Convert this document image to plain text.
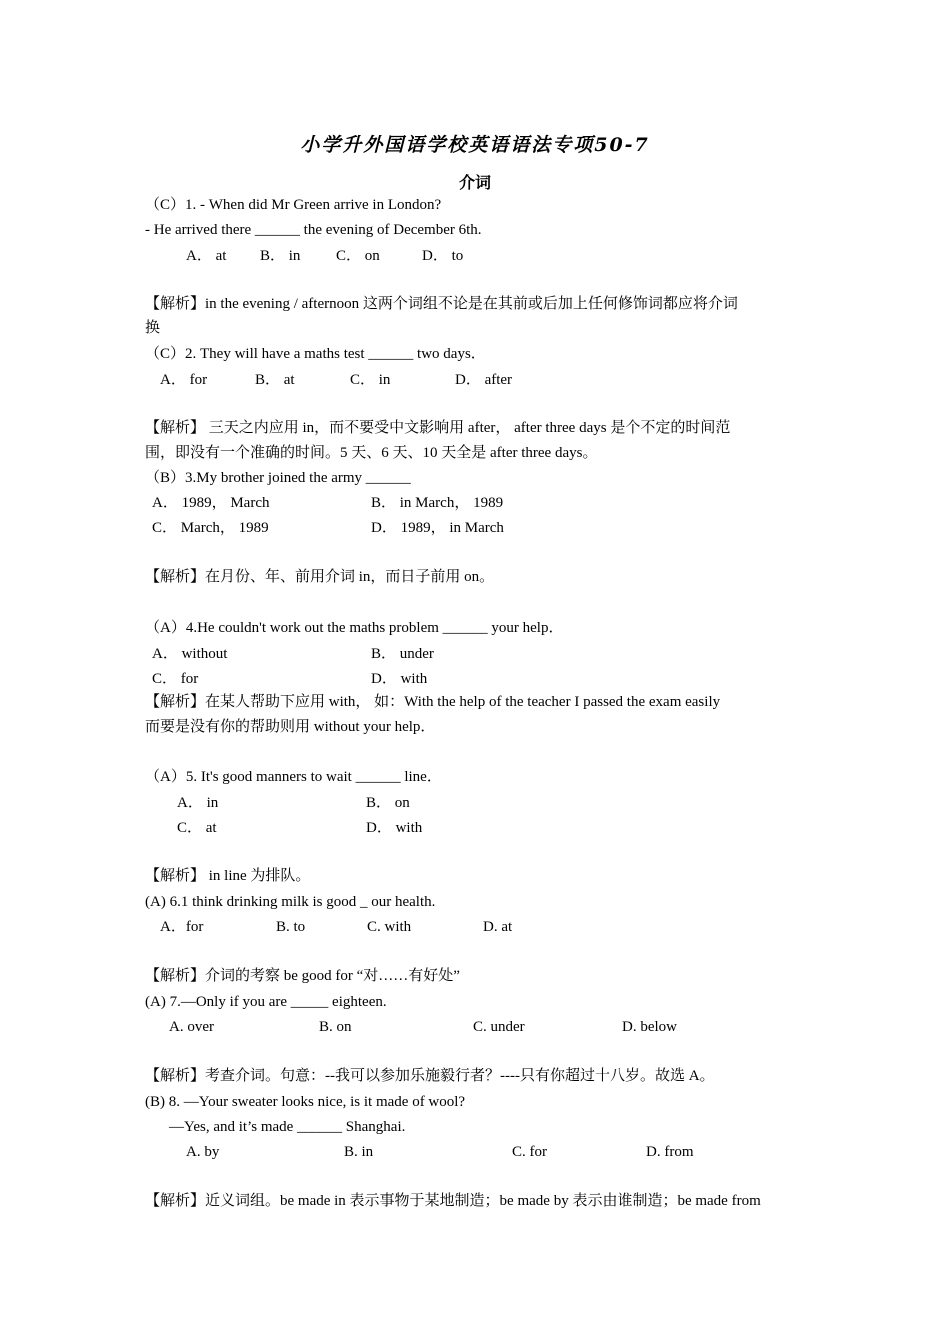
小学升外国语学校英语语法专项50-7
介词
（C）1. - When did Mr Green arrive in London?
- He arrived there ______ the evening of December 6th.
A． at B． in C． on	D． to
【解析】in the evening / afternoon 这两个词组不论是在其前或后加上任何修饰词都应将介词
换
（C）2. They will have a maths test ______ two days．
A． for	B． at	C． in	D． after
【解析】 三天之内应用 in，而不要受中文影响用 after， after three days 是个不定的时间范
围，即没有一个准确的时间。5 天、6 天、10 天全是 after three days。
（B）3.My brother joined the army ______
A． 1989， March	B． in March， 1989
C． March， 1989	D． 1989， in March
【解析】在月份、年、前用介词 in，而日子前用 on。
（A）4.He couldn't work out the maths problem ______ your help．
A． without	B． under
C． for	D． with
【解析】在某人帮助下应用 with， 如：With the help of the teacher I passed the exam easily
而要是没有你的帮助则用 without your help．
（A）5. It's good manners to wait ______ line．
A． in	B． on
C． at	D． with
【解析】 in line 为排队。
(A) 6.1 think drinking milk is good _ our health.
A．for	B. to	C. with	D. at
【解析】介词的考察 be good for “对……有好处”
(A) 7.—Only if you are _____ eighteen.
A. over	B. on	C. under	D. below
【解析】考查介词。句意：--我可以参加乐施毅行者？----只有你超过十八岁。故选 A。
(B) 8. —Your sweater looks nice, is it made of wool?
—Yes, and it’s made ______ Shanghai.
A. by	B. in	C. for	D. from
【解析】近义词组。be made in 表示事物于某地制造；be made by 表示由谁制造；be made from
